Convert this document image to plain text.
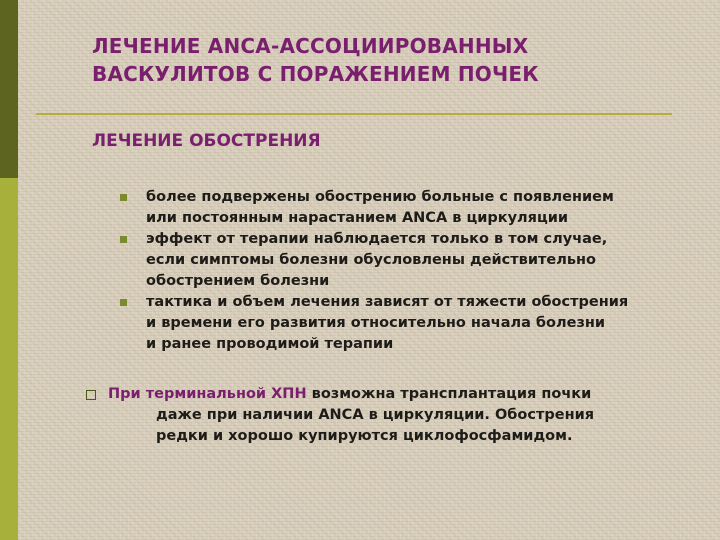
ЛЕЧЕНИЕ ANCA-АССОЦИИРОВАННЫХ
ВАСКУЛИТОВ С ПОРАЖЕНИЕМ ПОЧЕК
ЛЕЧЕНИЕ ОБОСТРЕНИЯ
более подвержены обострению больные с появлением
или постоянным нарастанием ANCA в циркуляции
эффект от терапии наблюдается только в том случае,
если симптомы болезни обусловлены действительно
обострением болезни
тактика и объем лечения зависят от тяжести обострения
и времени его развития относительно начала болезни
и ранее проводимой терапии
При терминальной ХПН возможна трансплантация почки
даже при наличии ANCA в циркуляции. Обострения
редки и хорошо купируются циклофосфамидом.
